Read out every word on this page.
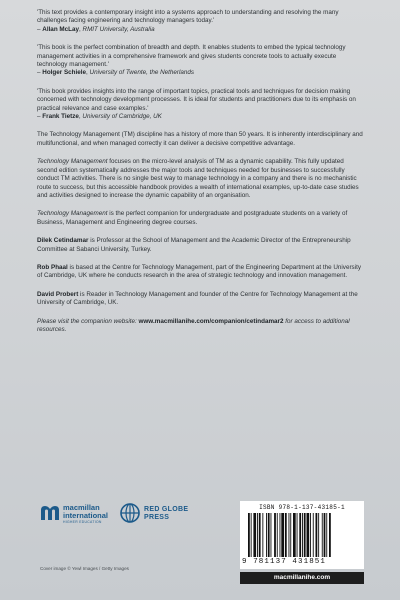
'This text provides a contemporary insight into a systems approach to understanding and resolving the many challenges facing engineering and technology managers today.'
– Allan McLay, RMIT University, Australia
'This book is the perfect combination of breadth and depth. It enables students to embed the typical technology management activities in a comprehensive framework and gives students concrete tools to actually execute technology management.'
– Holger Schiele, University of Twente, the Netherlands
'This book provides insights into the range of important topics, practical tools and techniques for decision making concerned with technology development processes. It is ideal for students and practitioners due to its emphasis on practical relevance and case examples.'
– Frank Tietze, University of Cambridge, UK

The Technology Management (TM) discipline has a history of more than 50 years. It is inherently interdisciplinary and multifunctional, and when managed correctly it can deliver a decisive competitive advantage.

Technology Management focuses on the micro-level analysis of TM as a dynamic capability. This fully updated second edition systematically addresses the major tools and techniques needed for businesses to successfully conduct TM activities. There is no single best way to manage technology in a company and there is no mechanistic route to success, but this accessible handbook provides a wealth of international examples, up-to-date case studies and activities designed to increase the dynamic capability of an organisation.

Technology Management is the perfect companion for undergraduate and postgraduate students on a variety of Business, Management and Engineering degree courses.

Dilek Cetindamar is Professor at the School of Management and the Academic Director of the Entrepreneurship Committee at Sabanci University, Turkey.

Rob Phaal is based at the Centre for Technology Management, part of the Engineering Department at the University of Cambridge, UK where he conducts research in the area of strategic technology and innovation management.

David Probert is Reader in Technology Management and founder of the Centre for Technology Management at the University of Cambridge, UK.

Please visit the companion website: www.macmillanihe.com/companion/cetindamar2 for access to additional resources.

macmillan
international
HIGHER EDUCATION
RED GLOBE
PRESS
ISBN 978-1-137-43185-1
9 781137 431851
macmillanihe.com
Cover image © Yewl Images / Getty Images
